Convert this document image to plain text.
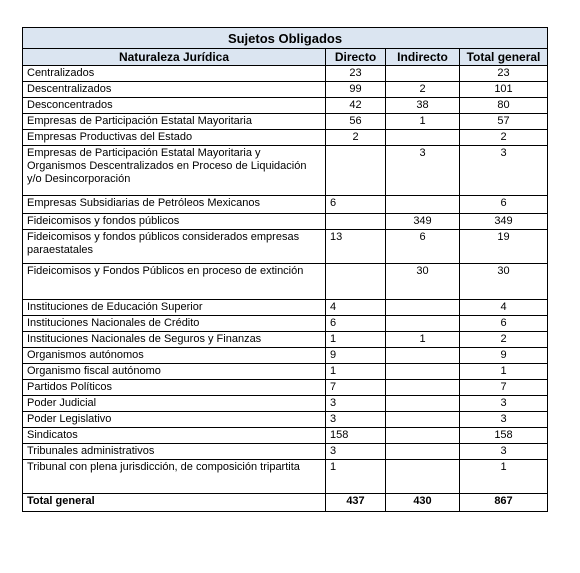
Sujetos Obligados			
Naturaleza Jurídica	Directo	Indirecto	Total general
Centralizados	23		23
Descentralizados	99	2	101
Desconcentrados	42	38	80
Empresas de Participación Estatal Mayoritaria	56	1	57
Empresas Productivas del Estado	2		2
Empresas de Participación Estatal Mayoritaria y Organismos Descentralizados en Proceso de Liquidación y/o Desincorporación		3	3
Empresas Subsidiarias de Petróleos Mexicanos	6		6
Fideicomisos y fondos públicos		349	349
Fideicomisos y fondos públicos considerados empresas paraestatales	13	6	19
Fideicomisos y Fondos Públicos en proceso de extinción		30	30
Instituciones de Educación Superior	4		4
Instituciones Nacionales de Crédito	6		6
Instituciones Nacionales de Seguros y Finanzas	1	1	2
Organismos autónomos	9		9
Organismo fiscal autónomo	1		1
Partidos Políticos	7		7
Poder Judicial	3		3
Poder Legislativo	3		3
Sindicatos	158		158
Tribunales administrativos	3		3
Tribunal con plena jurisdicción, de composición tripartita	1		1
Total general	437	430	867
